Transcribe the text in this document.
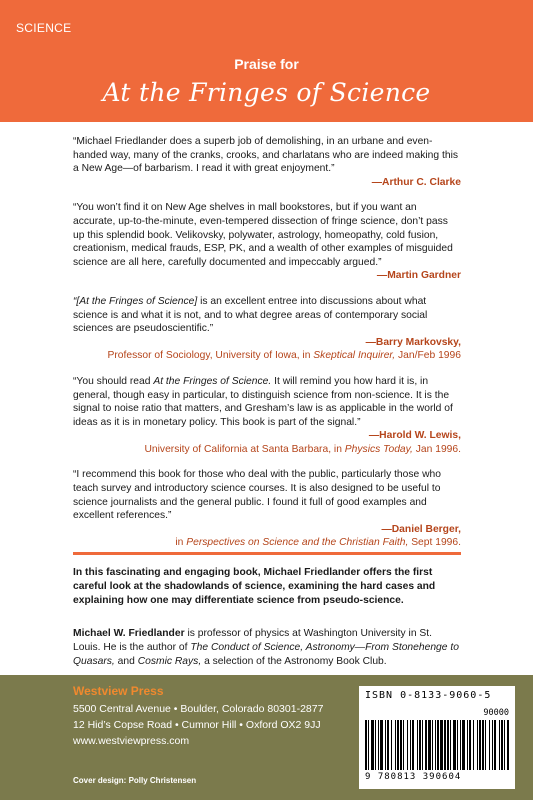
SCIENCE
Praise for
At the Fringes of Science

“Michael Friedlander does a superb job of demolishing, in an urbane and even-handed way, many of the cranks, crooks, and charlatans who are indeed making this a New Age—of barbarism. I read it with great enjoyment.”

—Arthur C. Clarke

“You won’t find it on New Age shelves in mall bookstores, but if you want an accurate, up-to-the-minute, even-tempered dissection of fringe science, don’t pass up this splendid book. Velikovsky, polywater, astrology, homeopathy, cold fusion, creationism, medical frauds, ESP, PK, and a wealth of other examples of misguided science are all here, carefully documented and impeccably argued.”

—Martin Gardner

“[At the Fringes of Science] is an excellent entree into discussions about what science is and what it is not, and to what degree areas of contemporary social sciences are pseudoscientific.”

—Barry Markovsky,
Professor of Sociology, University of Iowa, in Skeptical Inquirer, Jan/Feb 1996

“You should read At the Fringes of Science. It will remind you how hard it is, in general, though easy in particular, to distinguish science from non-science. It is the signal to noise ratio that matters, and Gresham’s law is as applicable in the world of ideas as it is in monetary policy. This book is part of the signal.”

—Harold W. Lewis,
University of California at Santa Barbara, in Physics Today, Jan 1996.

“I recommend this book for those who deal with the public, particularly those who teach survey and introductory science courses. It is also designed to be useful to science journalists and the general public. I found it full of good examples and excellent references.”

—Daniel Berger,
in Perspectives on Science and the Christian Faith, Sept 1996.
In this fascinating and engaging book, Michael Friedlander offers the first careful look at the shadowlands of science, examining the hard cases and explaining how one may differentiate science from pseudo-science.
Michael W. Friedlander is professor of physics at Washington University in St. Louis. He is the author of The Conduct of Science, Astronomy—From Stonehenge to Quasars, and Cosmic Rays, a selection of the Astronomy Book Club.
Westview Press
5500 Central Avenue • Boulder, Colorado 80301-2877
12 Hid’s Copse Road • Cumnor Hill • Oxford OX2 9JJ
www.westviewpress.com
Cover design: Polly Christensen
ISBN 0-8133-9060-5
90000
9 780813 390604
